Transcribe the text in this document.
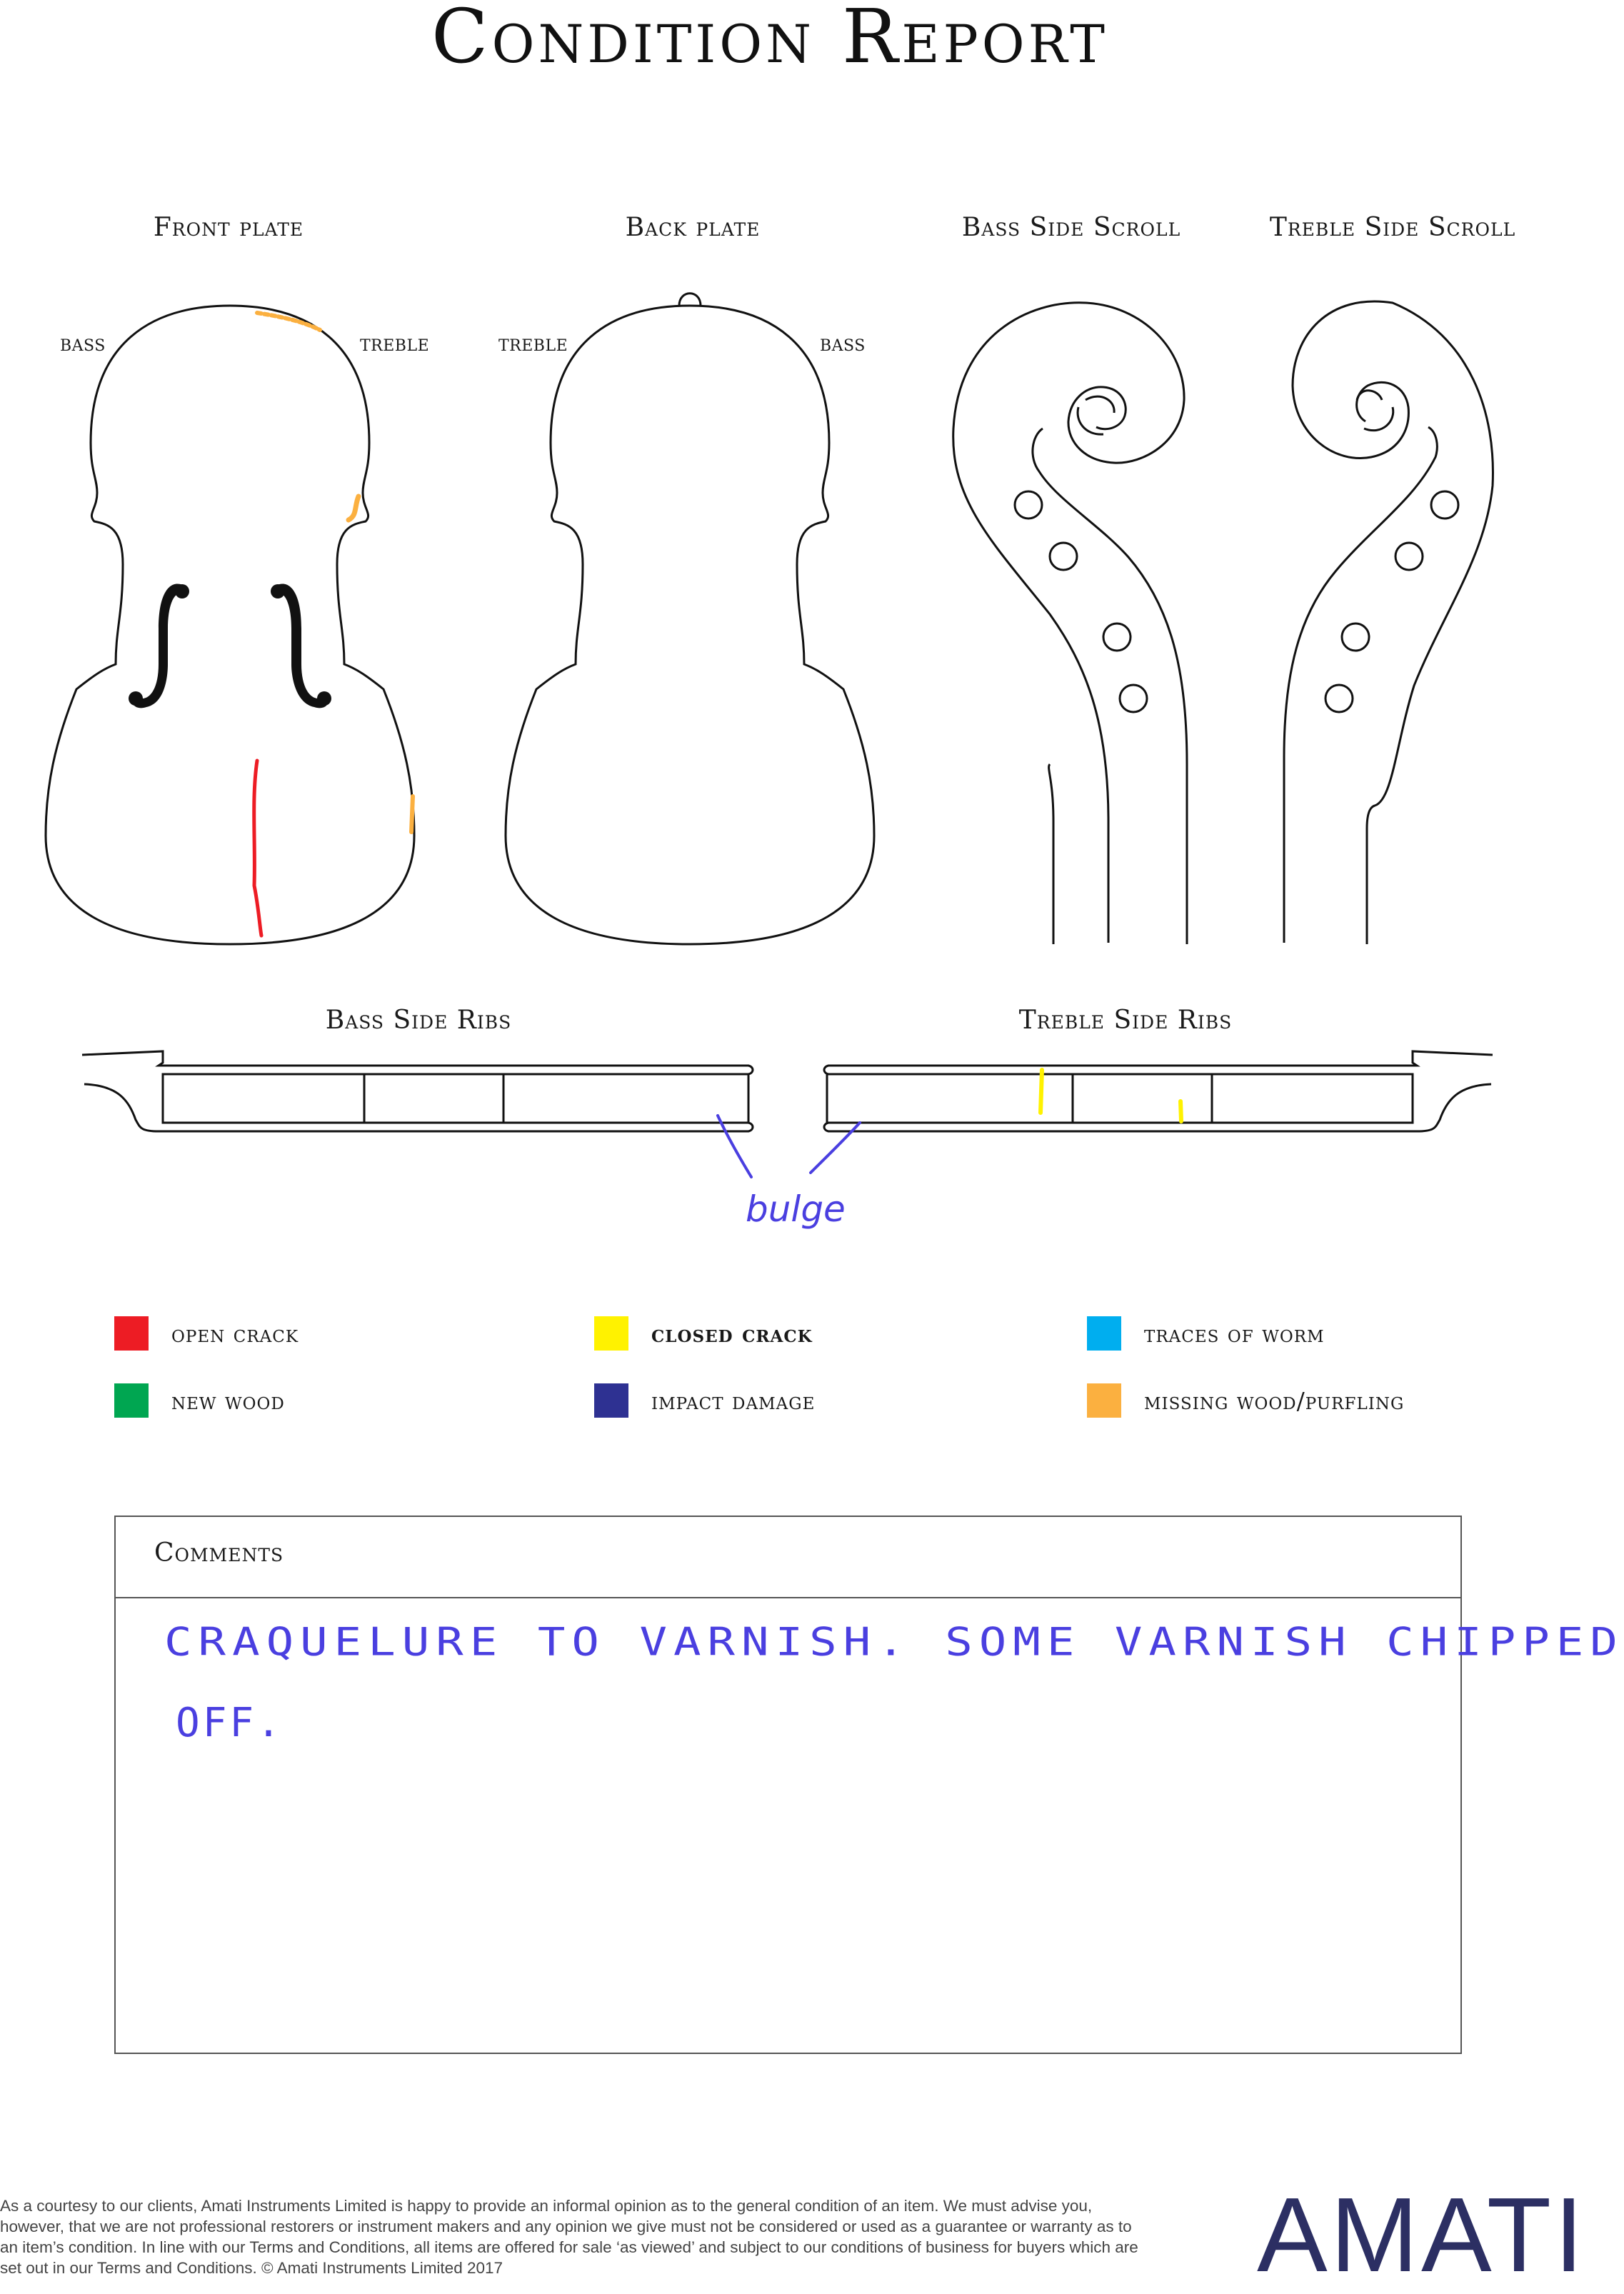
Condition Report
Front plate	Back plate	Bass Side Scroll	Treble Side Scroll
BASS	TREBLE	TREBLE	BASS
Bass Side Ribs	Treble Side Ribs
bulge
open crack	closed crack	traces of worm
new wood	impact damage	missing wood/purfling
Comments
CRAQUELURE TO VARNISH. SOME VARNISH CHIPPED
OFF.
As a courtesy to our clients, Amati Instruments Limited is happy to provide an informal opinion as to the general condition of an item. We must advise you, however, that we are not professional restorers or instrument makers and any opinion we give must not be considered or used as a guarantee or warranty as to an item’s condition. In line with our Terms and Conditions, all items are offered for sale ‘as viewed’ and subject to our conditions of business for buyers which are set out in our Terms and Conditions. © Amati Instruments Limited 2017	AMATI
